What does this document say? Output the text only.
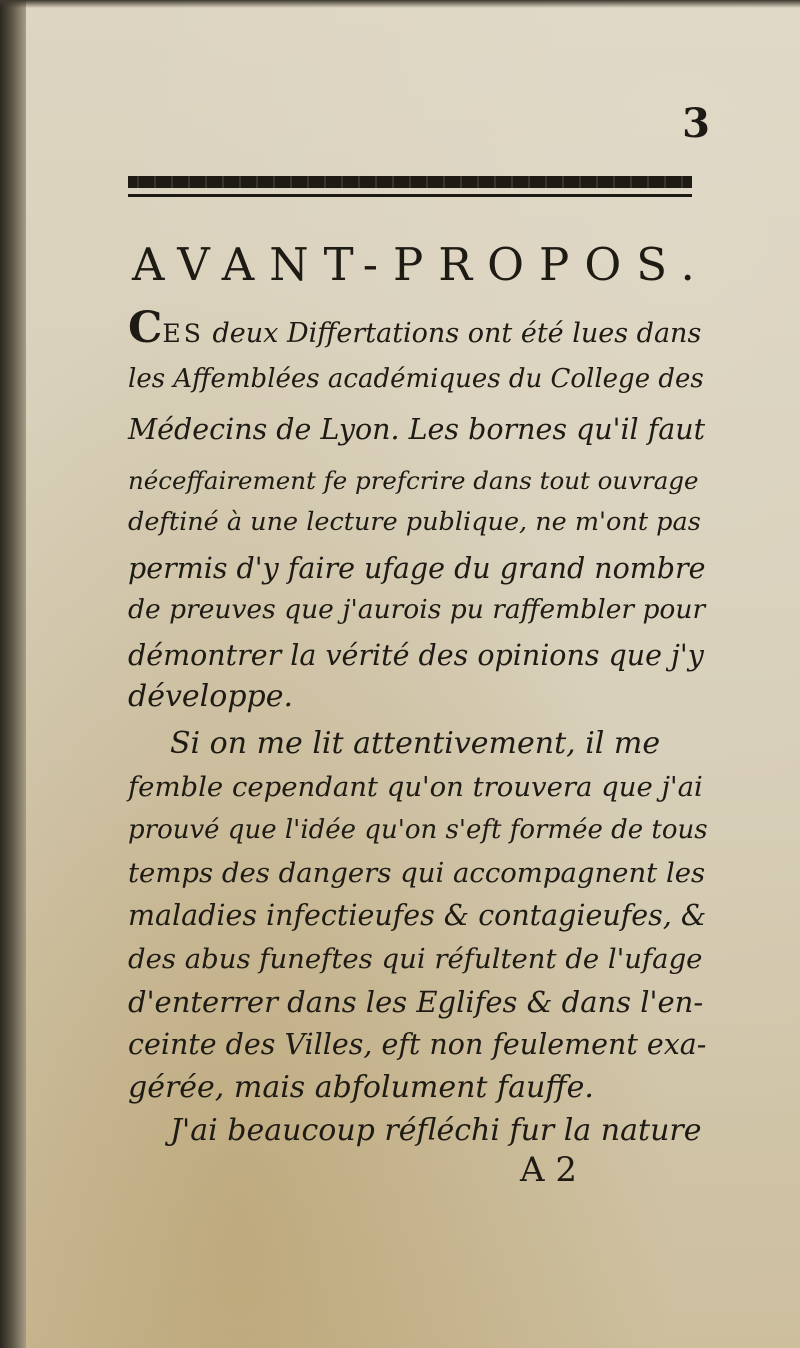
3
AVANT-PROPOS.
CES deux Differtations ont été lues dans
les Affemblées académiques du College des
Médecins de Lyon. Les bornes qu'il faut
néceffairement fe prefcrire dans tout ouvrage
deftiné à une lecture publique, ne m'ont pas
permis d'y faire ufage du grand nombre
de preuves que j'aurois pu raffembler pour
démontrer la vérité des opinions que j'y
développe.
Si on me lit attentivement, il me
femble cependant qu'on trouvera que j'ai
prouvé que l'idée qu'on s'eft formée de tous
temps des dangers qui accompagnent les
maladies infectieufes & contagieufes, &
des abus funeftes qui réfultent de l'ufage
d'enterrer dans les Eglifes & dans l'en-
ceinte des Villes, eft non feulement exa-
gérée, mais abfolument fauffe.
J'ai beaucoup réfléchi fur la nature
A 2
